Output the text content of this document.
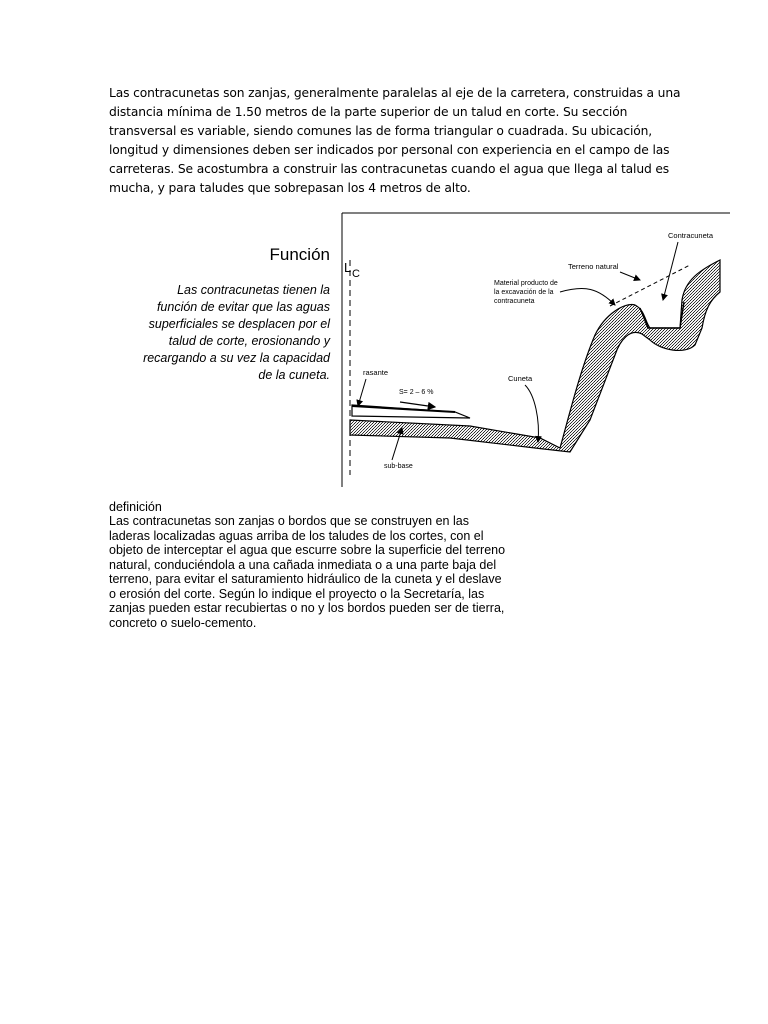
Las contracunetas son zanjas, generalmente paralelas al eje de la carretera, construidas a una
distancia mínima de 1.50 metros de la parte superior de un talud en corte. Su sección
transversal es variable, siendo comunes las de forma triangular o cuadrada. Su ubicación,
longitud y dimensiones deben ser indicados por personal con experiencia en el campo de las
carreteras. Se acostumbra a construir las contracunetas cuando el agua que llega al talud es
mucha, y para taludes que sobrepasan los 4 metros de alto.
Función
Las contracunetas tienen la
función de evitar que las aguas
superficiales se desplacen por el
talud de corte, erosionando y
recargando a su vez la capacidad
de la cuneta.
L C
Contracuneta
Terreno natural
Material producto de
la excavación de la
contracuneta
rasante
S= 2 – 6 %
Cuneta
sub-base
definición
Las contracunetas son zanjas o bordos que se construyen en las
laderas localizadas aguas arriba de los taludes de los cortes, con el
objeto de interceptar el agua que escurre sobre la superficie del terreno
natural, conduciéndola a una cañada inmediata o a una parte baja del
terreno, para evitar el saturamiento hidráulico de la cuneta y el deslave
o erosión del corte. Según lo indique el proyecto o la Secretaría, las
zanjas pueden estar recubiertas o no y los bordos pueden ser de tierra,
concreto o suelo-cemento.
